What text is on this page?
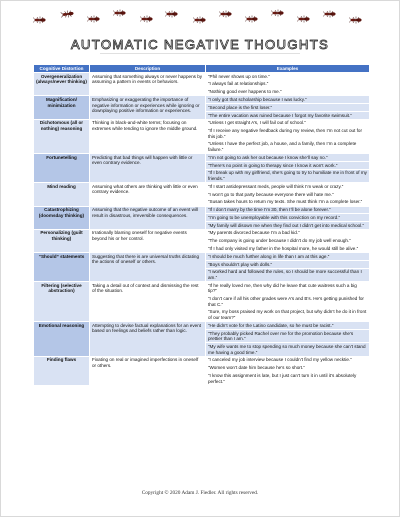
AUTOMATIC NEGATIVE THOUGHTS
Cognitive Distortion	Description	Examples
Overgeneralization (always/never thinking)	Assuming that something always or never happens by assuming a pattern in events or behaviors.	“Phil never shows up on time.”
“I always fail at relationships.”
“Nothing good ever happens to me.”

Magnification/ minimization	Emphasizing or exaggerating the importance of negative information or experiences while ignoring or downplaying positive information or experiences.	“I only got that scholarship because I was lucky.”
“Second place is the first loser.”
“The entire vacation was ruined because I forgot my favorite swimsuit.”

Dichotomous (all or nothing) reasoning	Thinking in black-and-white terms; focusing on extremes while tending to ignore the middle ground.	“Unless I get straight A’s, I will fail out of school.”
“If I receive any negative feedback during my review, then I’m not cut out for this job.”
“Unless I have the perfect job, a house, and a family, then I’m a complete failure.”

Fortunetelling	Predicting that bad things will happen with little or even contrary evidence.	“I’m not going to ask her out because I know she’ll say no.”
“There’s no point in going to therapy since I know it won’t work.”
“If I break up with my girlfriend, she’s going to try to humiliate me in front of my friends.”

Mind reading	Assuming what others are thinking with little or even contrary evidence.	“If I start antidepressant meds, people will think I’m weak or crazy.”
“I won’t go to that party because everyone there will hate me.”
“Susan takes hours to return my texts. She must think I’m a complete loser.”

Catastrophizing (doomsday thinking)	Assuming that the negative outcome of an event will result in disastrous, irreversible consequences.	“If I don’t marry by the time I’m 30, then I’ll be alone forever.”
“I’m going to be unemployable with this conviction on my record.”
“My family will disown me when they find out I didn’t get into medical school.”

Personalizing (guilt thinking)	Irrationally blaming oneself for negative events beyond his or her control.	“My parents divorced because I’m a bad kid.”
“The company is going under because I didn’t do my job well enough.”
“If I had only visited my father in the hospital more, he would still be alive.”

“Should” statements	Suggesting that there is are universal truths dictating the actions of oneself or others.	“I should be much further along in life than I am at this age.”
“Boys shouldn’t play with dolls.”
“I worked hard and followed the rules, so I should be more successful than I am.”

Filtering (selective abstraction)	Taking a detail out of context and dismissing the rest of the situation.	“If he really loved me, then why did he leave that cute waitress such a big tip?”
“I don’t care if all his other grades were A’s and B’s. He’s getting punished for that C.”
“Sure, my boss praised my work on that project, but why didn’t he do it in front of our team?”

Emotional reasoning	Attempting to devise factual explanations for an event based on feelings and beliefs rather than logic.	“He didn’t vote for the Latino candidate, so he must be racist.”
“They probably picked Rachel over me for the promotion because she’s prettier than I am.”
“My wife wants me to stop spending so much money because she can’t stand me having a good time.”

Finding flaws	Fixating on real or imagined imperfections in oneself or others.	“I canceled my job interview because I couldn’t find my yellow necktie.”
“Women won’t date him because he’s so short.”
“I know this assignment is late, but I just can’t turn it in until it’s absolutely perfect.”
Copyright © 2020 Adam J. Fiedler. All rights reserved.
